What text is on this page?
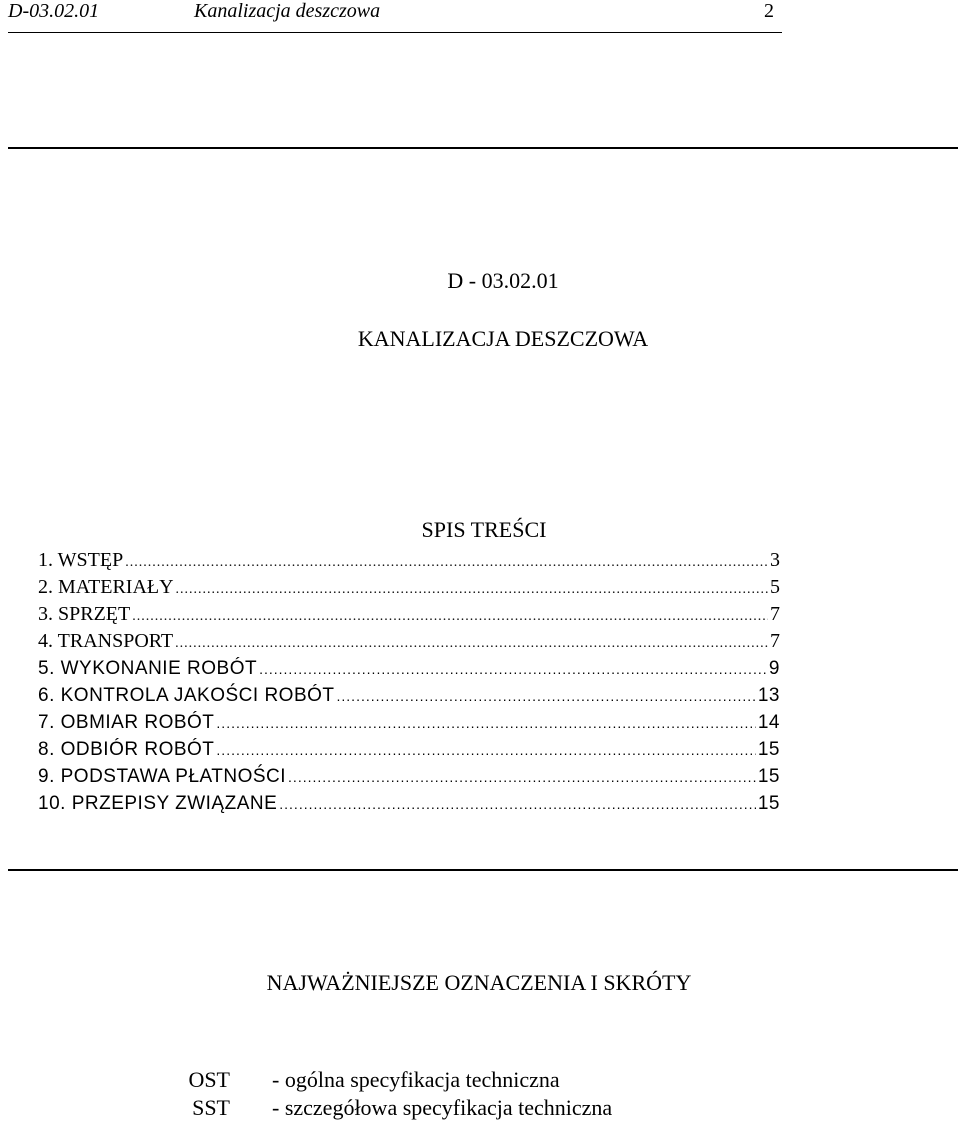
D-03.02.01	Kanalizacja deszczowa	2
D - 03.02.01
KANALIZACJA DESZCZOWA
SPIS TREŚCI
1. WSTĘP .....	3
2. MATERIAŁY .....	5
3. SPRZĘT .....	7
4. TRANSPORT .....	7
5. WYKONANIE ROBÓT .....	9
6. KONTROLA JAKOŚCI ROBÓT .....	13
7. OBMIAR ROBÓT .....	14
8. ODBIÓR ROBÓT .....	15
9. PODSTAWA PŁATNOŚCI .....	15
10. PRZEPISY ZWIĄZANE .....	15
NAJWAŻNIEJSZE OZNACZENIA I SKRÓTY
OST	- ogólna specyfikacja techniczna
SST	- szczegółowa specyfikacja techniczna
